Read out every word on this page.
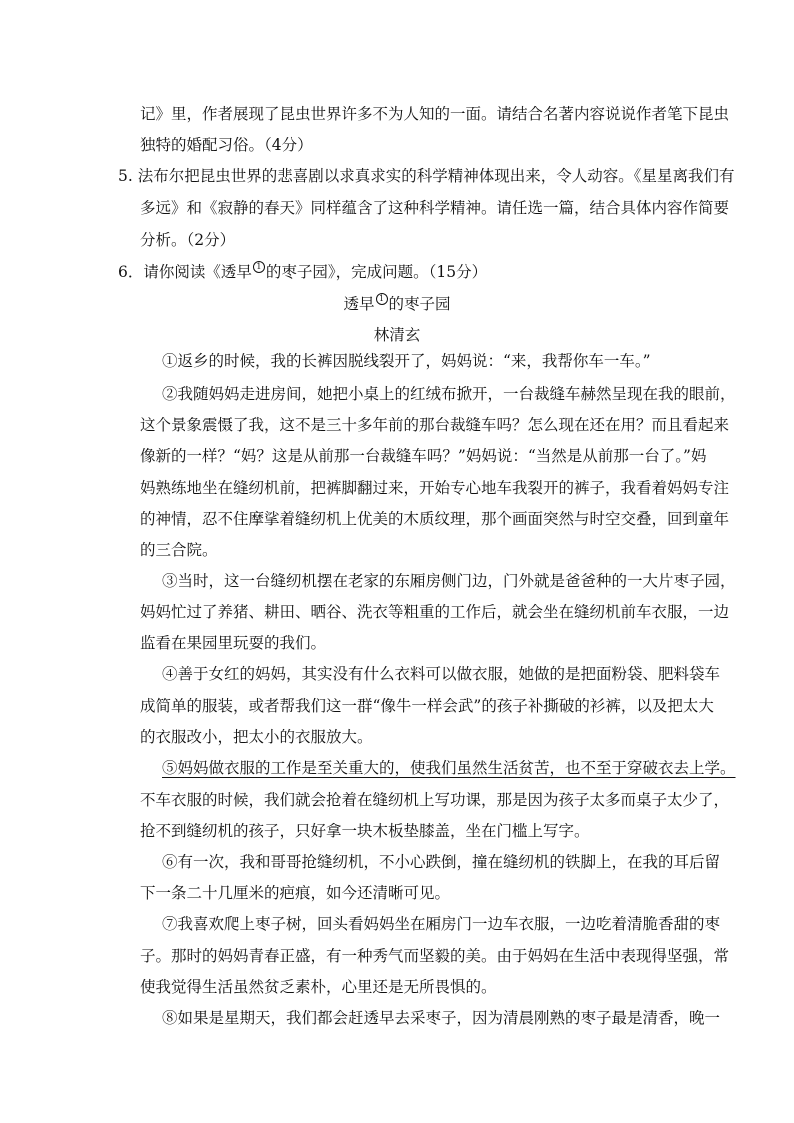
记》里，作者展现了昆虫世界许多不为人知的一面。请结合名著内容说说作者笔下昆虫
独特的婚配习俗。（4分）
5. 法布尔把昆虫世界的悲喜剧以求真求实的科学精神体现出来，令人动容。《星星离我们有
多远》和《寂静的春天》同样蕴含了这种科学精神。请任选一篇，结合具体内容作简要
分析。（2分）
6．请你阅读《透早 1 的枣子园》，完成问题。（15分）
透早 1 的枣子园
林清玄
①返乡的时候，我的长裤因脱线裂开了，妈妈说：“来，我帮你车一车。”
②我随妈妈走进房间，她把小桌上的红绒布掀开，一台裁缝车赫然呈现在我的眼前，
这个景象震慑了我，这不是三十多年前的那台裁缝车吗？怎么现在还在用？而且看起来
像新的一样？“妈？这是从前那一台裁缝车吗？”妈妈说：“当然是从前那一台了。”妈
妈熟练地坐在缝纫机前，把裤脚翻过来，开始专心地车我裂开的裤子，我看着妈妈专注
的神情，忍不住摩挲着缝纫机上优美的木质纹理，那个画面突然与时空交叠，回到童年
的三合院。
③当时，这一台缝纫机摆在老家的东厢房侧门边，门外就是爸爸种的一大片枣子园，
妈妈忙过了养猪、耕田、晒谷、洗衣等粗重的工作后，就会坐在缝纫机前车衣服，一边
监看在果园里玩耍的我们。
④善于女红的妈妈，其实没有什么衣料可以做衣服，她做的是把面粉袋、肥料袋车
成简单的服装，或者帮我们这一群“像牛一样会武”的孩子补撕破的衫裤，以及把太大
的衣服改小，把太小的衣服放大。
⑤妈妈做衣服的工作是至关重大的，使我们虽然生活贫苦，也不至于穿破衣去上学。
不车衣服的时候，我们就会抢着在缝纫机上写功课，那是因为孩子太多而桌子太少了，
抢不到缝纫机的孩子，只好拿一块木板垫膝盖，坐在门槛上写字。
⑥有一次，我和哥哥抢缝纫机，不小心跌倒，撞在缝纫机的铁脚上，在我的耳后留
下一条二十几厘米的疤痕，如今还清晰可见。
⑦我喜欢爬上枣子树，回头看妈妈坐在厢房门一边车衣服，一边吃着清脆香甜的枣
子。那时的妈妈青春正盛，有一种秀气而坚毅的美。由于妈妈在生活中表现得坚强，常
使我觉得生活虽然贫乏素朴，心里还是无所畏惧的。
⑧如果是星期天，我们都会赶透早去采枣子，因为清晨刚熟的枣子最是清香，晚一
